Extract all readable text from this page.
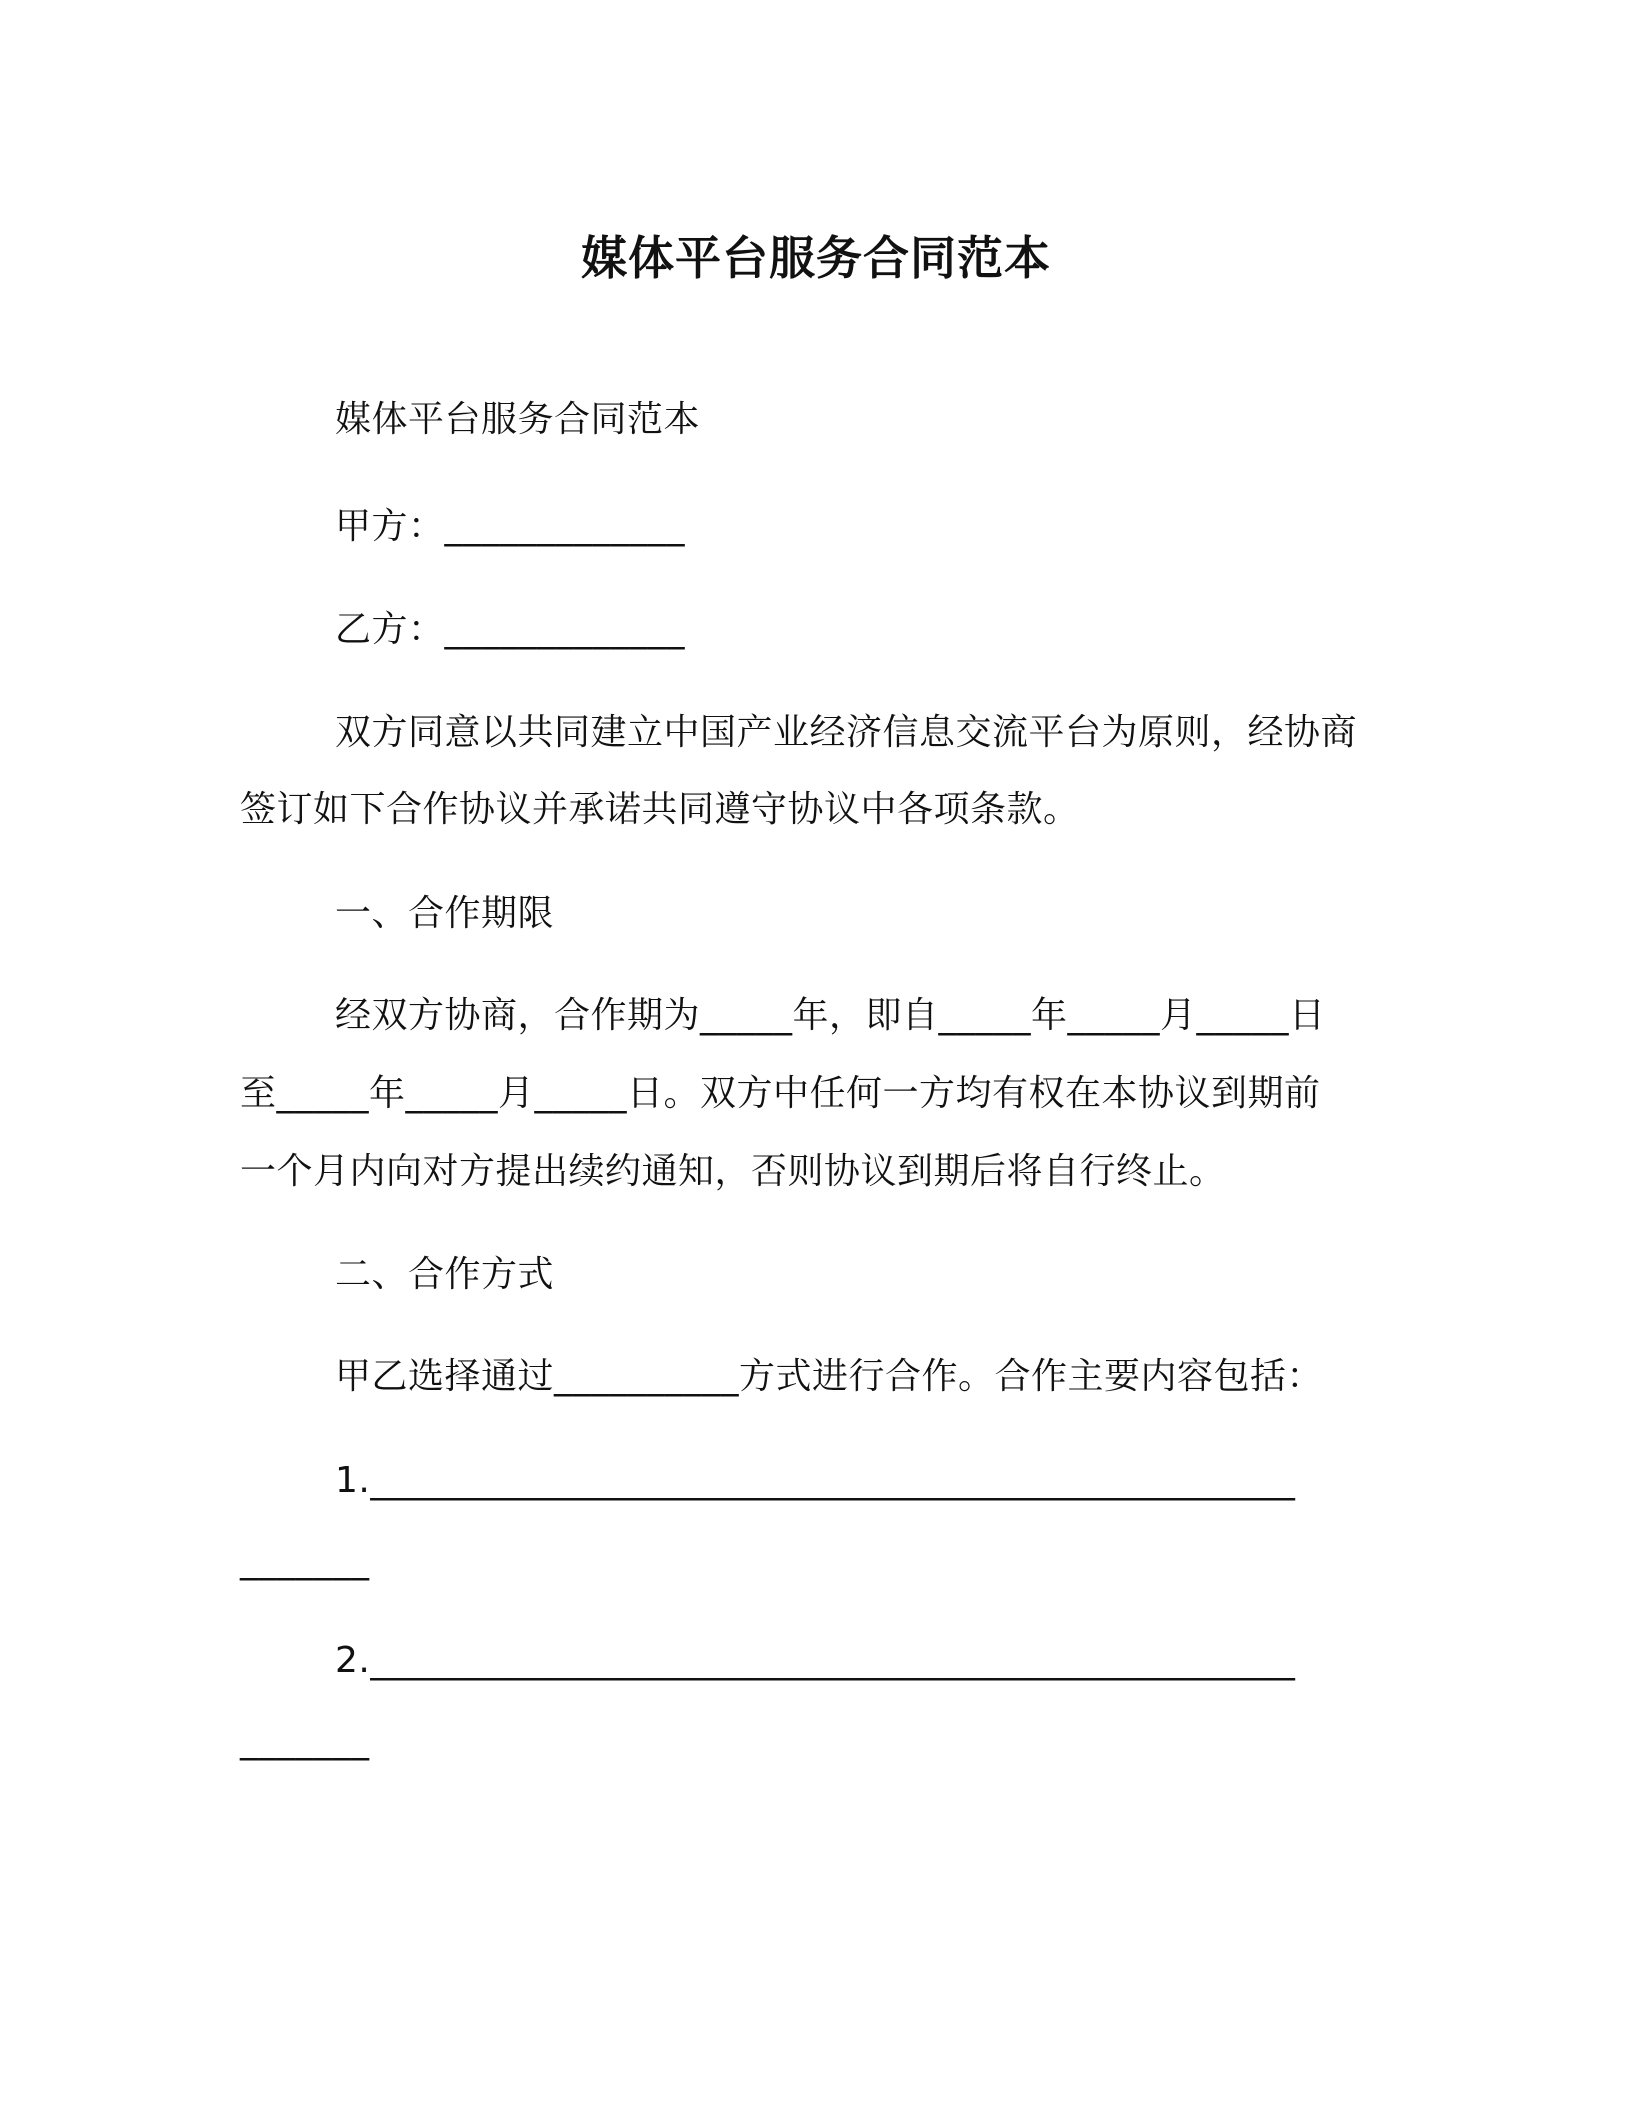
媒体平台服务合同范本
媒体平台服务合同范本
甲方：_____________
乙方：_____________
双方同意以共同建立中国产业经济信息交流平台为原则，经协商
签订如下合作协议并承诺共同遵守协议中各项条款。
一、合作期限
经双方协商，合作期为_____年，即自_____年_____月_____日
至_____年_____月_____日。双方中任何一方均有权在本协议到期前
一个月内向对方提出续约通知，否则协议到期后将自行终止。
二、合作方式
甲乙选择通过__________方式进行合作。合作主要内容包括：
1.__________________________________________________
_______
2.__________________________________________________
_______
